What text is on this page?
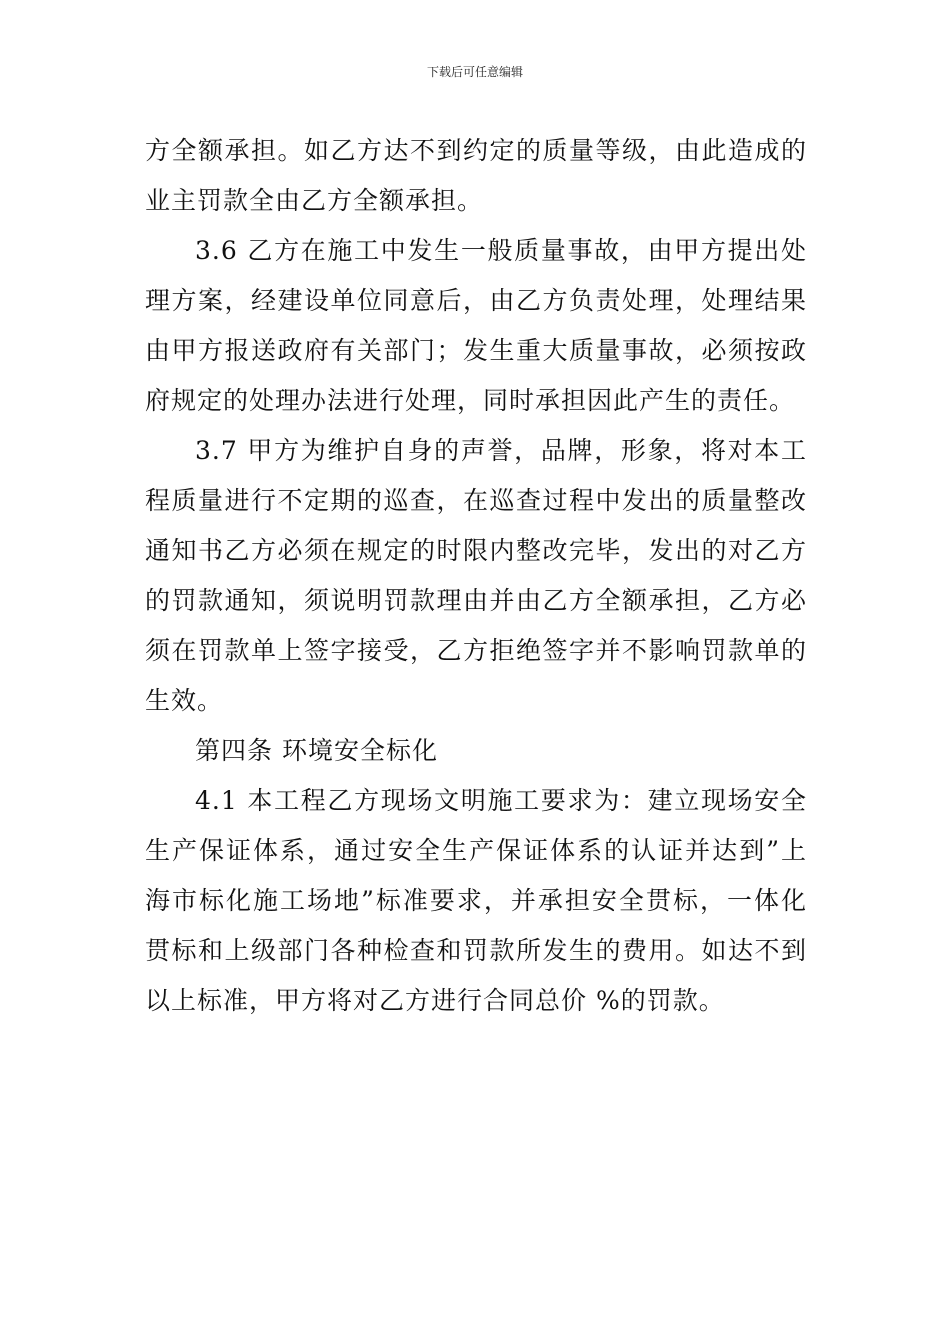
下载后可任意编辑

方全额承担。如乙方达不到约定的质量等级，由此造成的业主罚款全由乙方全额承担。

3.6 乙方在施工中发生一般质量事故，由甲方提出处理方案，经建设单位同意后，由乙方负责处理，处理结果由甲方报送政府有关部门；发生重大质量事故，必须按政府规定的处理办法进行处理，同时承担因此产生的责任。

3.7 甲方为维护自身的声誉，品牌，形象，将对本工程质量进行不定期的巡查，在巡查过程中发出的质量整改通知书乙方必须在规定的时限内整改完毕，发出的对乙方的罚款通知，须说明罚款理由并由乙方全额承担，乙方必须在罚款单上签字接受，乙方拒绝签字并不影响罚款单的生效。

第四条 环境安全标化

4.1 本工程乙方现场文明施工要求为：建立现场安全生产保证体系，通过安全生产保证体系的认证并达到”上海市标化施工场地”标准要求，并承担安全贯标，一体化贯标和上级部门各种检查和罚款所发生的费用。如达不到以上标准，甲方将对乙方进行合同总价 %的罚款。
